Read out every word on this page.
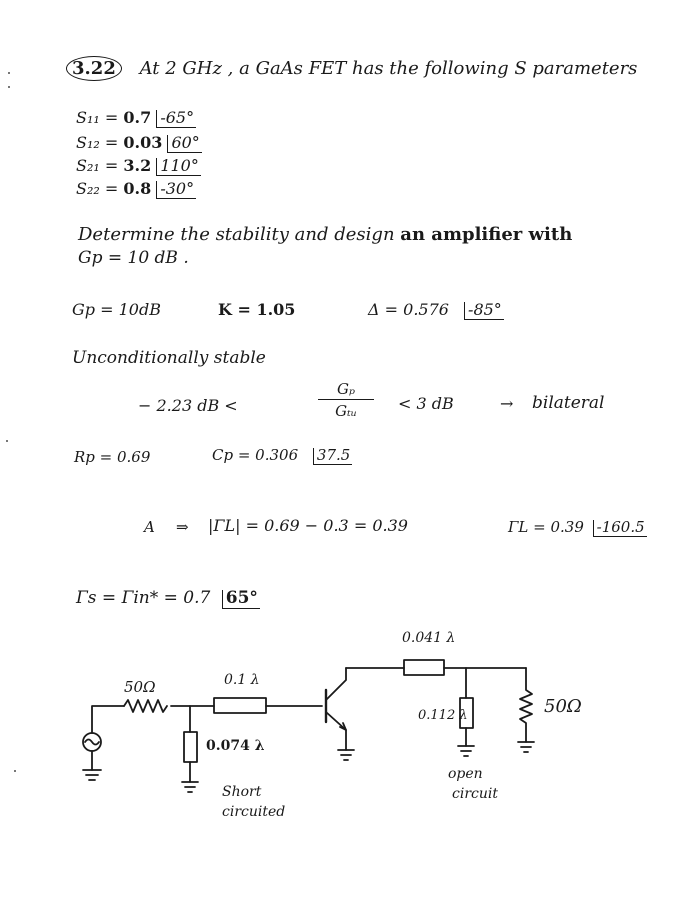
3.22 At 2 GHz , a GaAs FET has the following S parameters
S₁₁ = 0.7 -65°
S₁₂ = 0.03 60°
S₂₁ = 3.2 110°
S₂₂ = 0.8 -30°
Determine the stability and design an amplifier with
Gp = 10 dB .
Gp = 10dB	K = 1.05	Δ = 0.576 -85°
Unconditionally stable
− 2.23 dB <
Gₚ
Gₜᵤ	< 3 dB	→ bilateral
Rp = 0.69	Cp = 0.306 37.5
A ⇒ |ΓL| = 0.69 − 0.3 = 0.39	ΓL = 0.39 -160.5
Γs = Γin* = 0.7 65°
50Ω	0.1 λ
0.074 λ
Short
circuited
0.041 λ
0.112 λ
open
circuit
50Ω
